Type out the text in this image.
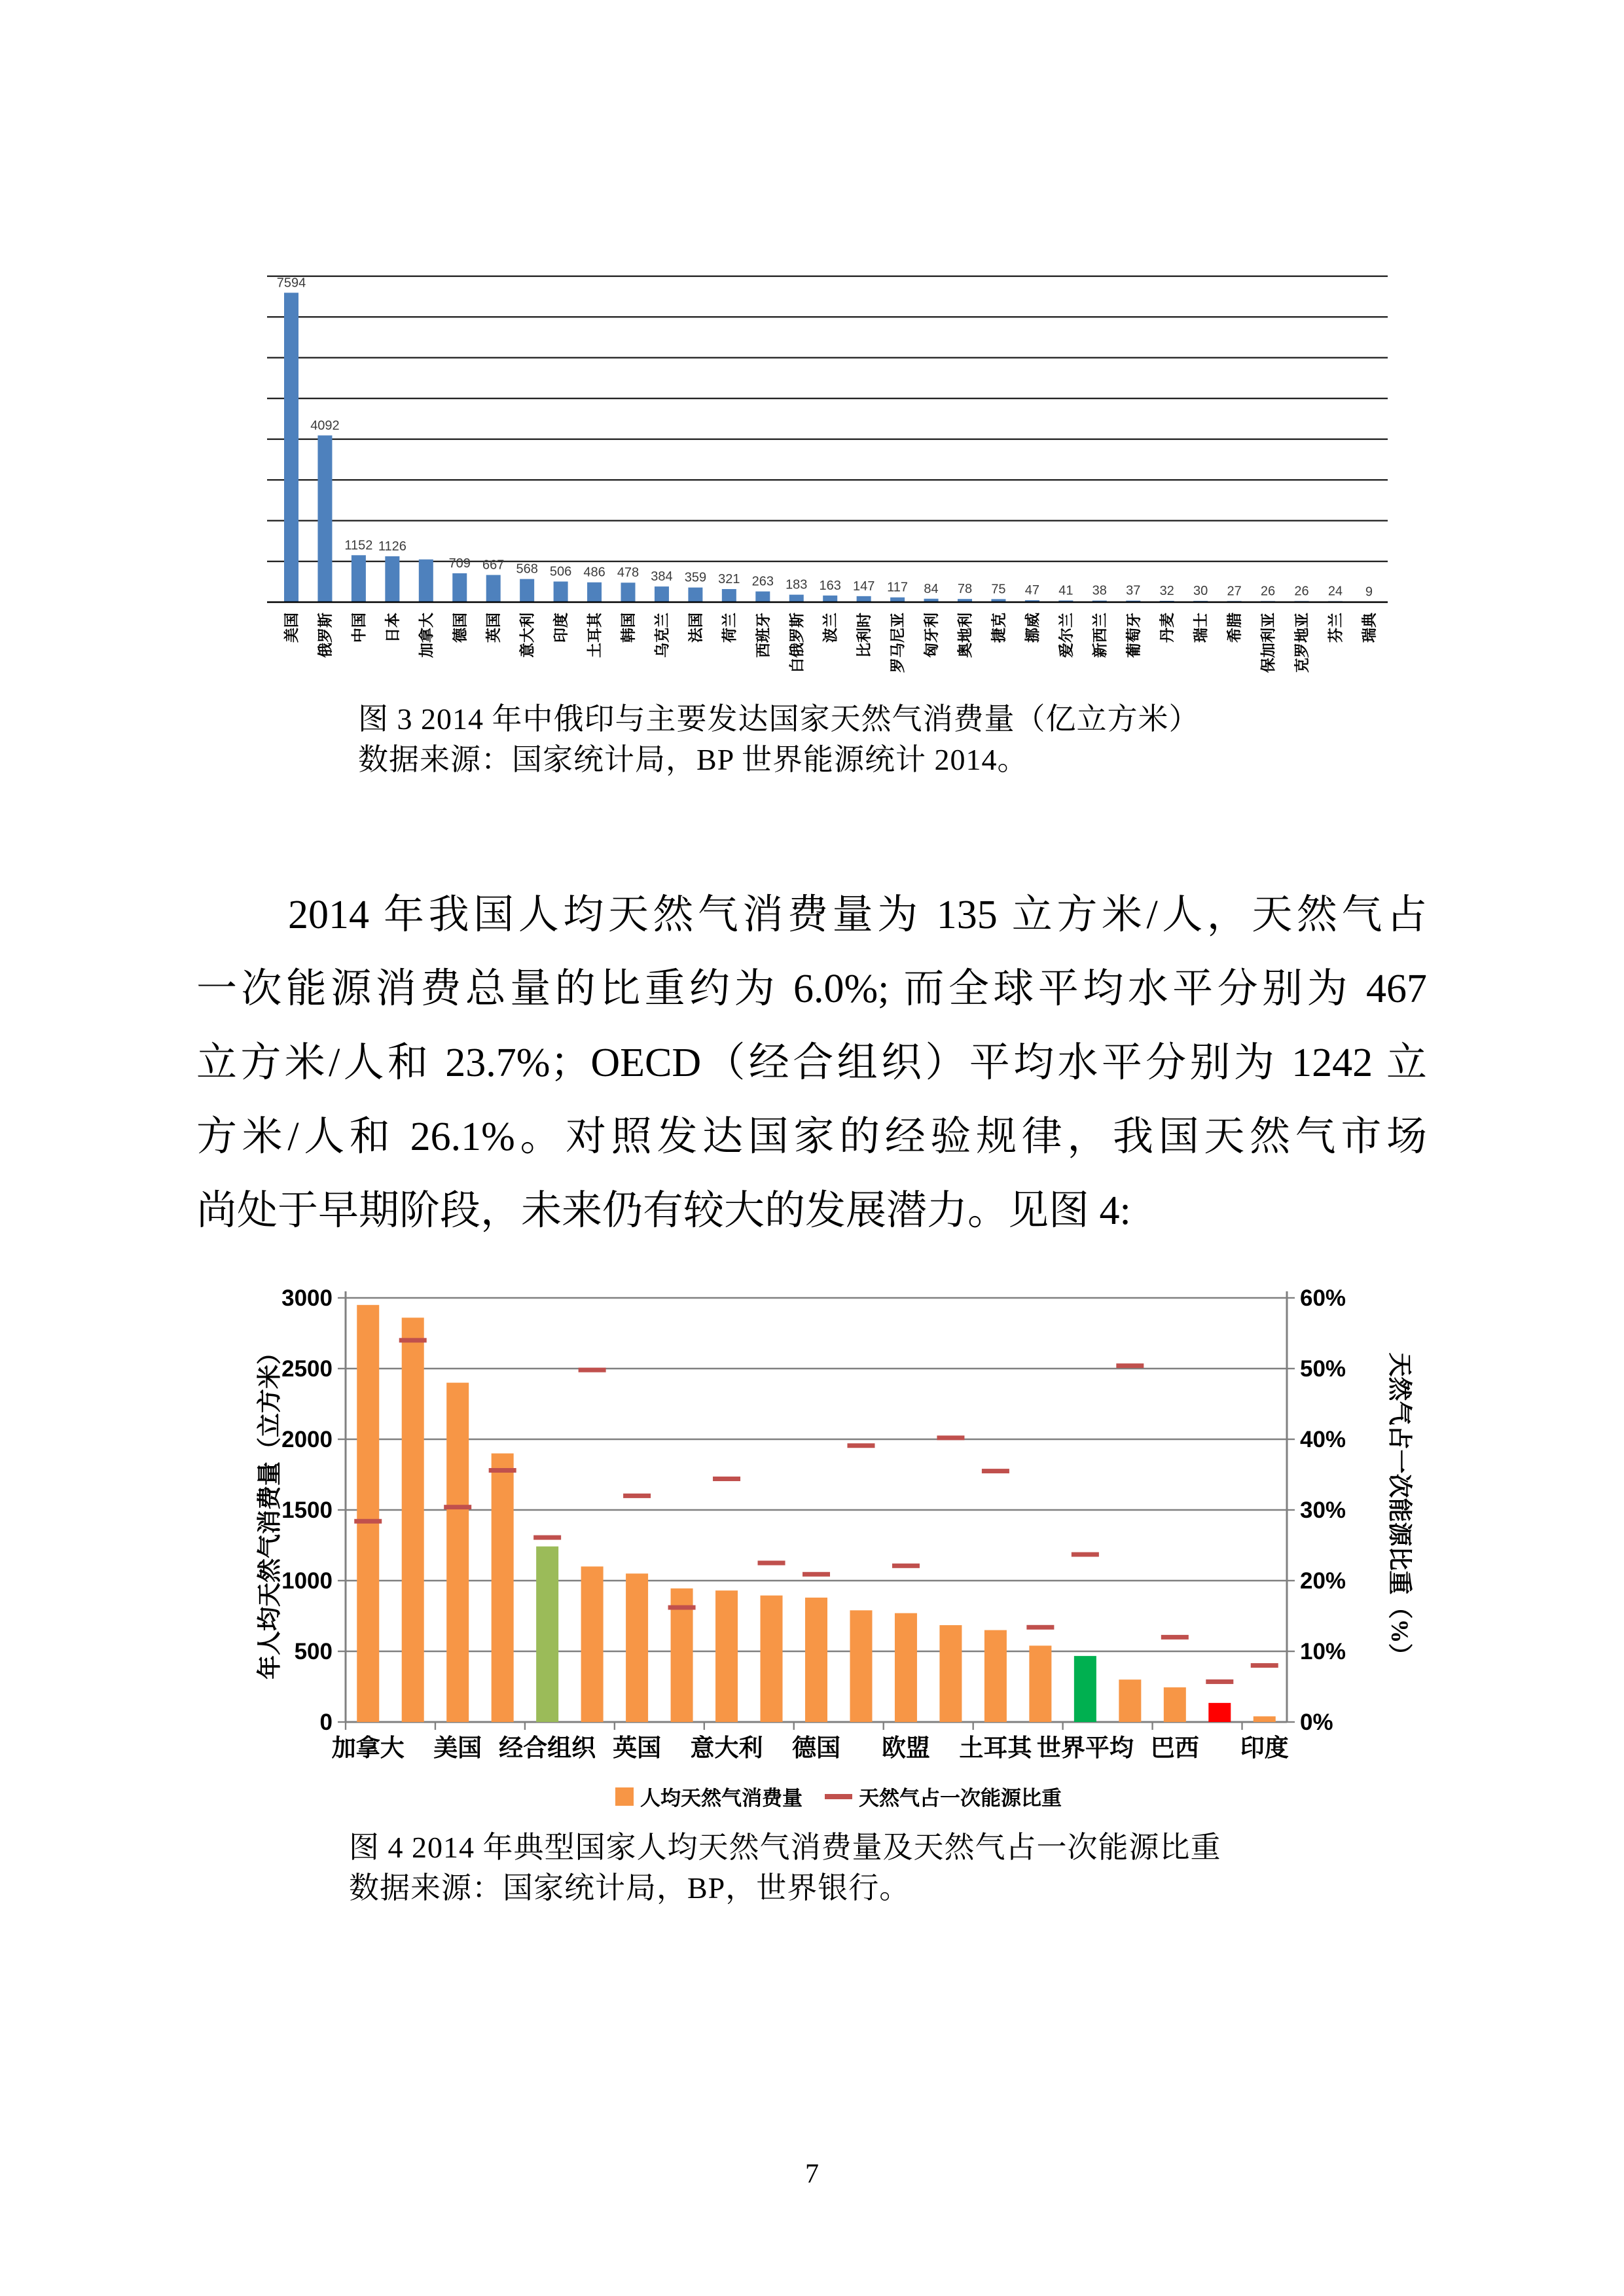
7594
4092
1152 1126
709 667 568 506 486 478 384 359 321 263 183 163 147 117 84 78 75 47 41 38 37 32 30 27 26 26 24 9
美国 俄罗斯 中国 日本 加拿大 德国 英国 意大利 印度 土耳其 韩国 乌克兰 法国 荷兰 西班牙 白俄罗斯 波兰 比利时 罗马尼亚 匈牙利 奥地利 捷克 挪威 爱尔兰 新西兰 葡萄牙 丹麦 瑞士 希腊 保加利亚 克罗地亚 芬兰 瑞典
图 3 2014 年中俄印与主要发达国家天然气消费量（亿立方米）
数据来源：国家统计局，BP 世界能源统计 2014。
2014 年我国人均天然气消费量为 135 立方米/人，天然气占
一次能源消费总量的比重约为 6.0%; 而全球平均水平分别为 467
立方米/人和 23.7%；OECD（经合组织）平均水平分别为 1242 立
方米/人和 26.1%。对照发达国家的经验规律，我国天然气市场
尚处于早期阶段，未来仍有较大的发展潜力。见图 4:
3000
2500
2000
1500
1000
500
0
60%
50%
40%
30%
20%
10%
0%
加拿大 美国 经合组织 英国 意大利 德国 欧盟 土耳其 世界平均 巴西 印度
年人均天然气消费量（立方米）	天然气占一次能源比重（%）
人均天然气消费量	天然气占一次能源比重
图 4 2014 年典型国家人均天然气消费量及天然气占一次能源比重
数据来源：国家统计局，BP，世界银行。
7
